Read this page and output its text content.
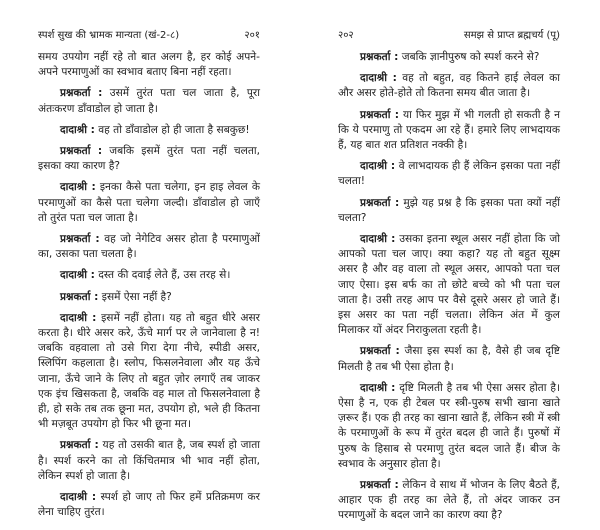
स्पर्श सुख की भ्रामक मान्यता (खं-2-८)	२०१

समय उपयोग नहीं रहे तो बात अलग है, हर कोई अपने-अपने परमाणुओं का स्वभाव बताए बिना नहीं रहता।

प्रश्नकर्ता : उसमें तुरंत पता चल जाता है, पूरा अंतःकरण डाँवाडोल हो जाता है।

दादाश्री : वह तो डाँवाडोल हो ही जाता है सबकुछ!

प्रश्नकर्ता : जबकि इसमें तुरंत पता नहीं चलता, इसका क्या कारण है?

दादाश्री : इनका कैसे पता चलेगा, इन हाइ लेवल के परमाणुओं का कैसे पता चलेगा जल्दी। डाँवाडोल हो जाएँ तो तुरंत पता चल जाता है।

प्रश्नकर्ता : वह जो नेगेटिव असर होता है परमाणुओं का, उसका पता चलता है।

दादाश्री : दस्त की दवाई लेते हैं, उस तरह से।

प्रश्नकर्ता : इसमें ऐसा नहीं है?

दादाश्री : इसमें नहीं होता। यह तो बहुत धीरे असर करता है। धीरे असर करे, ऊँचे मार्ग पर ले जानेवाला है न! जबकि वहवाला तो उसे गिरा देगा नीचे, स्पीडी असर, स्लिपिंग कहलाता है। स्लोप, फिसलनेवाला और यह ऊँचे जाना, ऊँचे जाने के लिए तो बहुत ज़ोर लगाएँ तब जाकर एक इंच खिसकता है, जबकि वह माल तो फिसलनेवाला है ही, हो सके तब तक छूना मत, उपयोग हो, भले ही कितना भी मज़बूत उपयोग हो फिर भी छूना मत।

प्रश्नकर्ता : यह तो उसकी बात है, जब स्पर्श हो जाता है। स्पर्श करने का तो किंचितमात्र भी भाव नहीं होता, लेकिन स्पर्श हो जाता है।

दादाश्री : स्पर्श हो जाए तो फिर हमें प्रतिक्रमण कर लेना चाहिए तुरंत।

२०२	समझ से प्राप्त ब्रह्मचर्य (पू)

प्रश्नकर्ता : जबकि ज्ञानीपुरुष को स्पर्श करने से?

दादाश्री : वह तो बहुत, वह कितने हाई लेवल का और असर होते-होते तो कितना समय बीत जाता है।

प्रश्नकर्ता : या फिर मुझ में भी गलती हो सकती है न कि ये परमाणु तो एकदम आ रहे हैं। हमारे लिए लाभदायक हैं, यह बात शत प्रतिशत नक्की है।

दादाश्री : वे लाभदायक ही हैं लेकिन इसका पता नहीं चलता!

प्रश्नकर्ता : मुझे यह प्रश्न है कि इसका पता क्यों नहीं चलता?

दादाश्री : उसका इतना स्थूल असर नहीं होता कि जो आपको पता चल जाए। क्या कहा? यह तो बहुत सूक्ष्म असर है और वह वाला तो स्थूल असर, आपको पता चल जाए ऐसा। इस बर्फ का तो छोटे बच्चे को भी पता चल जाता है। उसी तरह आप पर वैसे दूसरे असर हो जाते हैं। इस असर का पता नहीं चलता। लेकिन अंत में कुल मिलाकर यों अंदर निराकुलता रहती है।

प्रश्नकर्ता : जैसा इस स्पर्श का है, वैसे ही जब दृष्टि मिलती है तब भी ऐसा होता है।

दादाश्री : दृष्टि मिलती है तब भी ऐसा असर होता है। ऐसा है न, एक ही टेबल पर स्त्री-पुरुष सभी खाना खाते ज़रूर हैं। एक ही तरह का खाना खाते हैं, लेकिन स्त्री में स्त्री के परमाणुओं के रूप में तुरंत बदल ही जाते हैं। पुरुषों में पुरुष के हिसाब से परमाणु तुरंत बदल जाते हैं। बीज के स्वभाव के अनुसार होता है।

प्रश्नकर्ता : लेकिन वे साथ में भोजन के लिए बैठते हैं, आहार एक ही तरह का लेते हैं, तो अंदर जाकर उन परमाणुओं के बदल जाने का कारण क्या है?
